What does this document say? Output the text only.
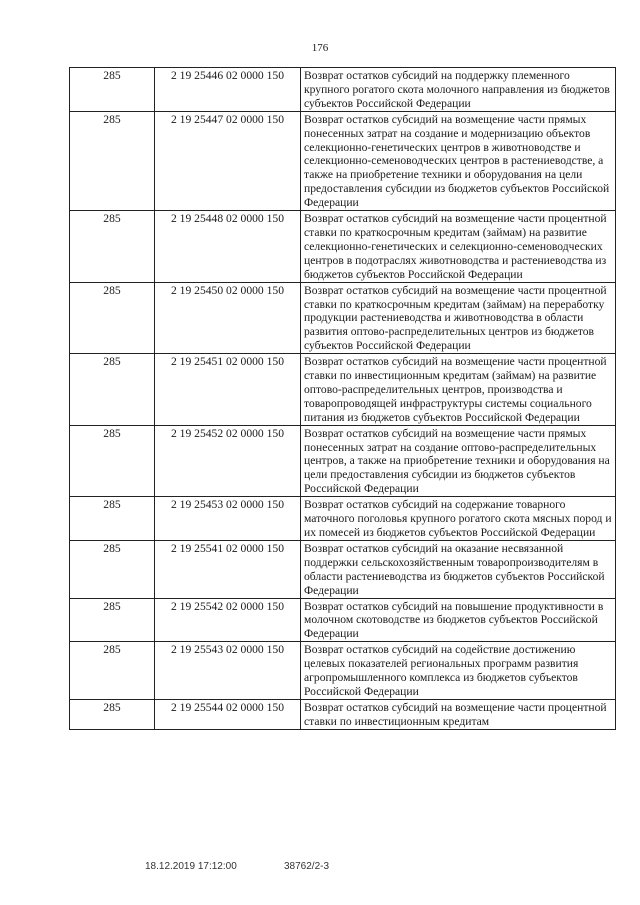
176
285	2 19 25446 02 0000 150	Возврат остатков субсидий на поддержку племенного крупного рогатого скота молочного направления из бюджетов субъектов Российской Федерации
285	2 19 25447 02 0000 150	Возврат остатков субсидий на возмещение части прямых понесенных затрат на создание и модернизацию объектов селекционно-генетических центров в животноводстве и селекционно-семеноводческих центров в растениеводстве, а также на приобретение техники и оборудования на цели предоставления субсидии из бюджетов субъектов Российской Федерации
285	2 19 25448 02 0000 150	Возврат остатков субсидий на возмещение части процентной ставки по краткосрочным кредитам (займам) на развитие селекционно-генетических и селекционно-семеноводческих центров в подотраслях животноводства и растениеводства из бюджетов субъектов Российской Федерации
285	2 19 25450 02 0000 150	Возврат остатков субсидий на возмещение части процентной ставки по краткосрочным кредитам (займам) на переработку продукции растениеводства и животноводства в области развития оптово-распределительных центров из бюджетов субъектов Российской Федерации
285	2 19 25451 02 0000 150	Возврат остатков субсидий на возмещение части процентной ставки по инвестиционным кредитам (займам) на развитие оптово-распределительных центров, производства и товаропроводящей инфраструктуры системы социального питания из бюджетов субъектов Российской Федерации
285	2 19 25452 02 0000 150	Возврат остатков субсидий на возмещение части прямых понесенных затрат на создание оптово-распределительных центров, а также на приобретение техники и оборудования на цели предоставления субсидии из бюджетов субъектов Российской Федерации
285	2 19 25453 02 0000 150	Возврат остатков субсидий на содержание товарного маточного поголовья крупного рогатого скота мясных пород и их помесей из бюджетов субъектов Российской Федерации
285	2 19 25541 02 0000 150	Возврат остатков субсидий на оказание несвязанной поддержки сельскохозяйственным товаропроизводителям в области растениеводства из бюджетов субъектов Российской Федерации
285	2 19 25542 02 0000 150	Возврат остатков субсидий на повышение продуктивности в молочном скотоводстве из бюджетов субъектов Российской Федерации
285	2 19 25543 02 0000 150	Возврат остатков субсидий на содействие достижению целевых показателей региональных программ развития агропромышленного комплекса из бюджетов субъектов Российской Федерации
285	2 19 25544 02 0000 150	Возврат остатков субсидий на возмещение части процентной ставки по инвестиционным кредитам
18.12.2019 17:12:00	38762/2-3
